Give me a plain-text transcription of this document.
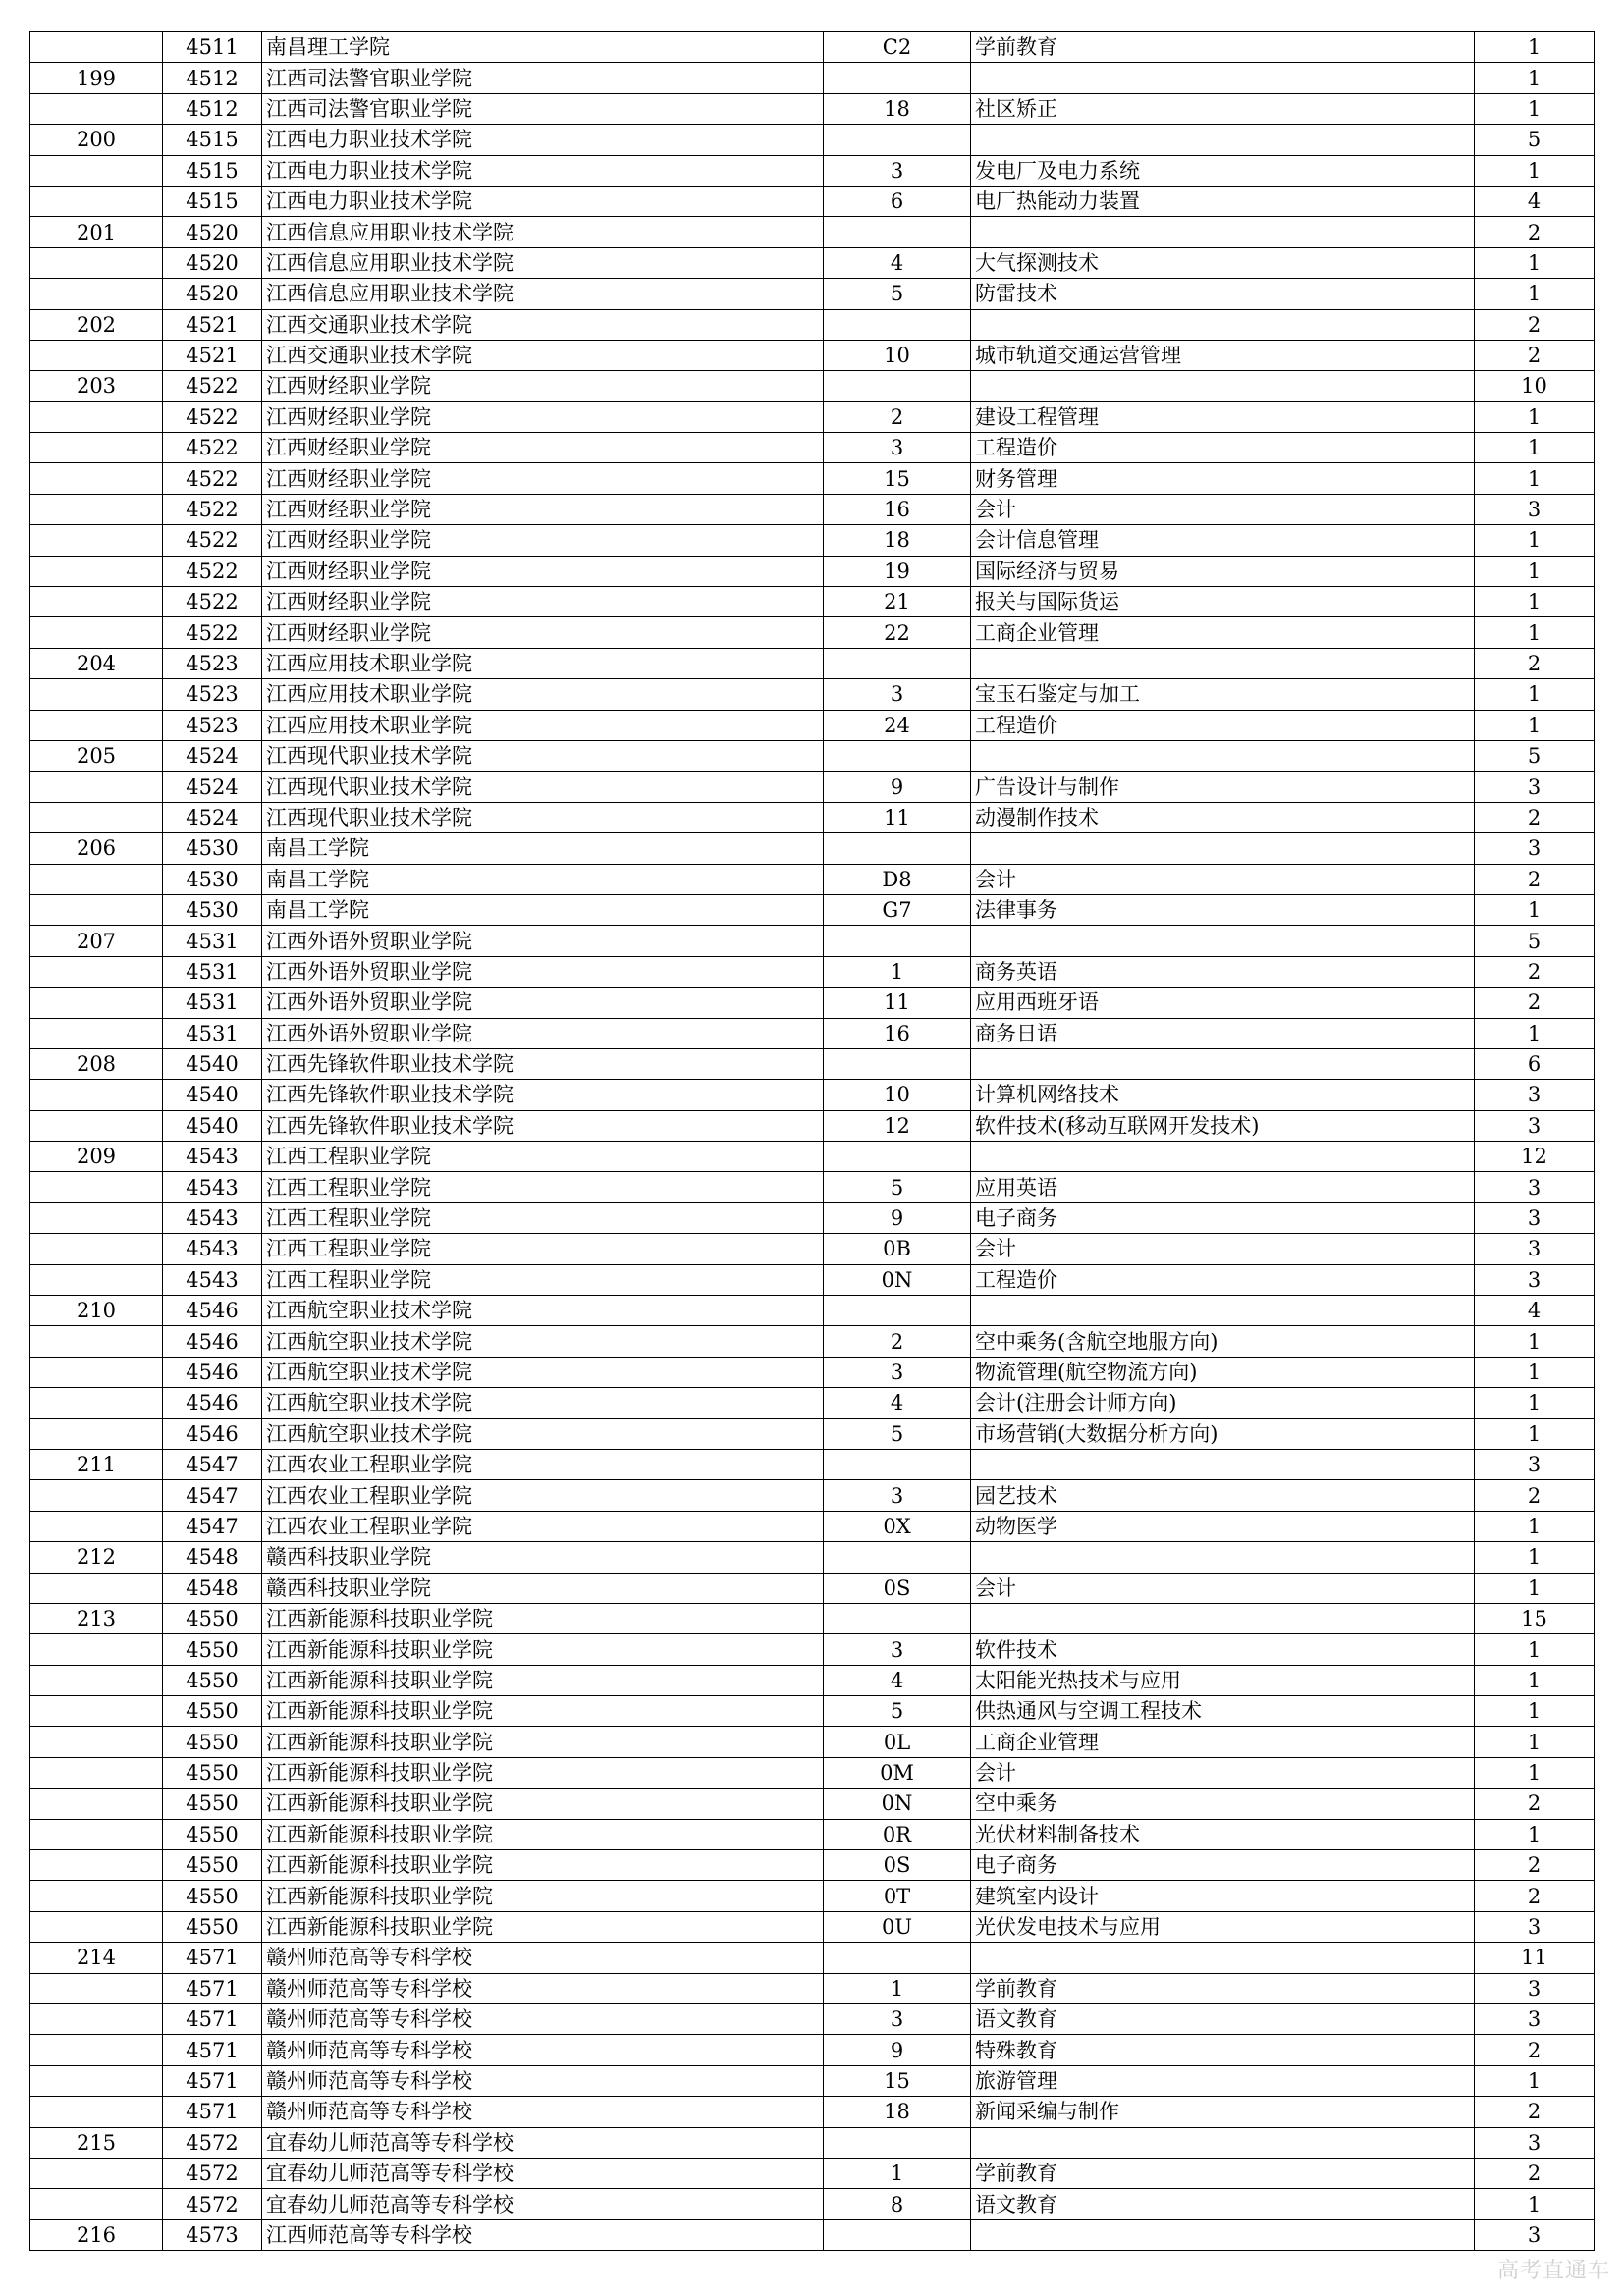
	4511	南昌理工学院	C2	学前教育	1
199	4512	江西司法警官职业学院			1
	4512	江西司法警官职业学院	18	社区矫正	1
200	4515	江西电力职业技术学院			5
	4515	江西电力职业技术学院	3	发电厂及电力系统	1
	4515	江西电力职业技术学院	6	电厂热能动力装置	4
201	4520	江西信息应用职业技术学院			2
	4520	江西信息应用职业技术学院	4	大气探测技术	1
	4520	江西信息应用职业技术学院	5	防雷技术	1
202	4521	江西交通职业技术学院			2
	4521	江西交通职业技术学院	10	城市轨道交通运营管理	2
203	4522	江西财经职业学院			10
	4522	江西财经职业学院	2	建设工程管理	1
	4522	江西财经职业学院	3	工程造价	1
	4522	江西财经职业学院	15	财务管理	1
	4522	江西财经职业学院	16	会计	3
	4522	江西财经职业学院	18	会计信息管理	1
	4522	江西财经职业学院	19	国际经济与贸易	1
	4522	江西财经职业学院	21	报关与国际货运	1
	4522	江西财经职业学院	22	工商企业管理	1
204	4523	江西应用技术职业学院			2
	4523	江西应用技术职业学院	3	宝玉石鉴定与加工	1
	4523	江西应用技术职业学院	24	工程造价	1
205	4524	江西现代职业技术学院			5
	4524	江西现代职业技术学院	9	广告设计与制作	3
	4524	江西现代职业技术学院	11	动漫制作技术	2
206	4530	南昌工学院			3
	4530	南昌工学院	D8	会计	2
	4530	南昌工学院	G7	法律事务	1
207	4531	江西外语外贸职业学院			5
	4531	江西外语外贸职业学院	1	商务英语	2
	4531	江西外语外贸职业学院	11	应用西班牙语	2
	4531	江西外语外贸职业学院	16	商务日语	1
208	4540	江西先锋软件职业技术学院			6
	4540	江西先锋软件职业技术学院	10	计算机网络技术	3
	4540	江西先锋软件职业技术学院	12	软件技术(移动互联网开发技术)	3
209	4543	江西工程职业学院			12
	4543	江西工程职业学院	5	应用英语	3
	4543	江西工程职业学院	9	电子商务	3
	4543	江西工程职业学院	0B	会计	3
	4543	江西工程职业学院	0N	工程造价	3
210	4546	江西航空职业技术学院			4
	4546	江西航空职业技术学院	2	空中乘务(含航空地服方向)	1
	4546	江西航空职业技术学院	3	物流管理(航空物流方向)	1
	4546	江西航空职业技术学院	4	会计(注册会计师方向)	1
	4546	江西航空职业技术学院	5	市场营销(大数据分析方向)	1
211	4547	江西农业工程职业学院			3
	4547	江西农业工程职业学院	3	园艺技术	2
	4547	江西农业工程职业学院	0X	动物医学	1
212	4548	赣西科技职业学院			1
	4548	赣西科技职业学院	0S	会计	1
213	4550	江西新能源科技职业学院			15
	4550	江西新能源科技职业学院	3	软件技术	1
	4550	江西新能源科技职业学院	4	太阳能光热技术与应用	1
	4550	江西新能源科技职业学院	5	供热通风与空调工程技术	1
	4550	江西新能源科技职业学院	0L	工商企业管理	1
	4550	江西新能源科技职业学院	0M	会计	1
	4550	江西新能源科技职业学院	0N	空中乘务	2
	4550	江西新能源科技职业学院	0R	光伏材料制备技术	1
	4550	江西新能源科技职业学院	0S	电子商务	2
	4550	江西新能源科技职业学院	0T	建筑室内设计	2
	4550	江西新能源科技职业学院	0U	光伏发电技术与应用	3
214	4571	赣州师范高等专科学校			11
	4571	赣州师范高等专科学校	1	学前教育	3
	4571	赣州师范高等专科学校	3	语文教育	3
	4571	赣州师范高等专科学校	9	特殊教育	2
	4571	赣州师范高等专科学校	15	旅游管理	1
	4571	赣州师范高等专科学校	18	新闻采编与制作	2
215	4572	宜春幼儿师范高等专科学校			3
	4572	宜春幼儿师范高等专科学校	1	学前教育	2
	4572	宜春幼儿师范高等专科学校	8	语文教育	1
216	4573	江西师范高等专科学校			3
高考直通车
